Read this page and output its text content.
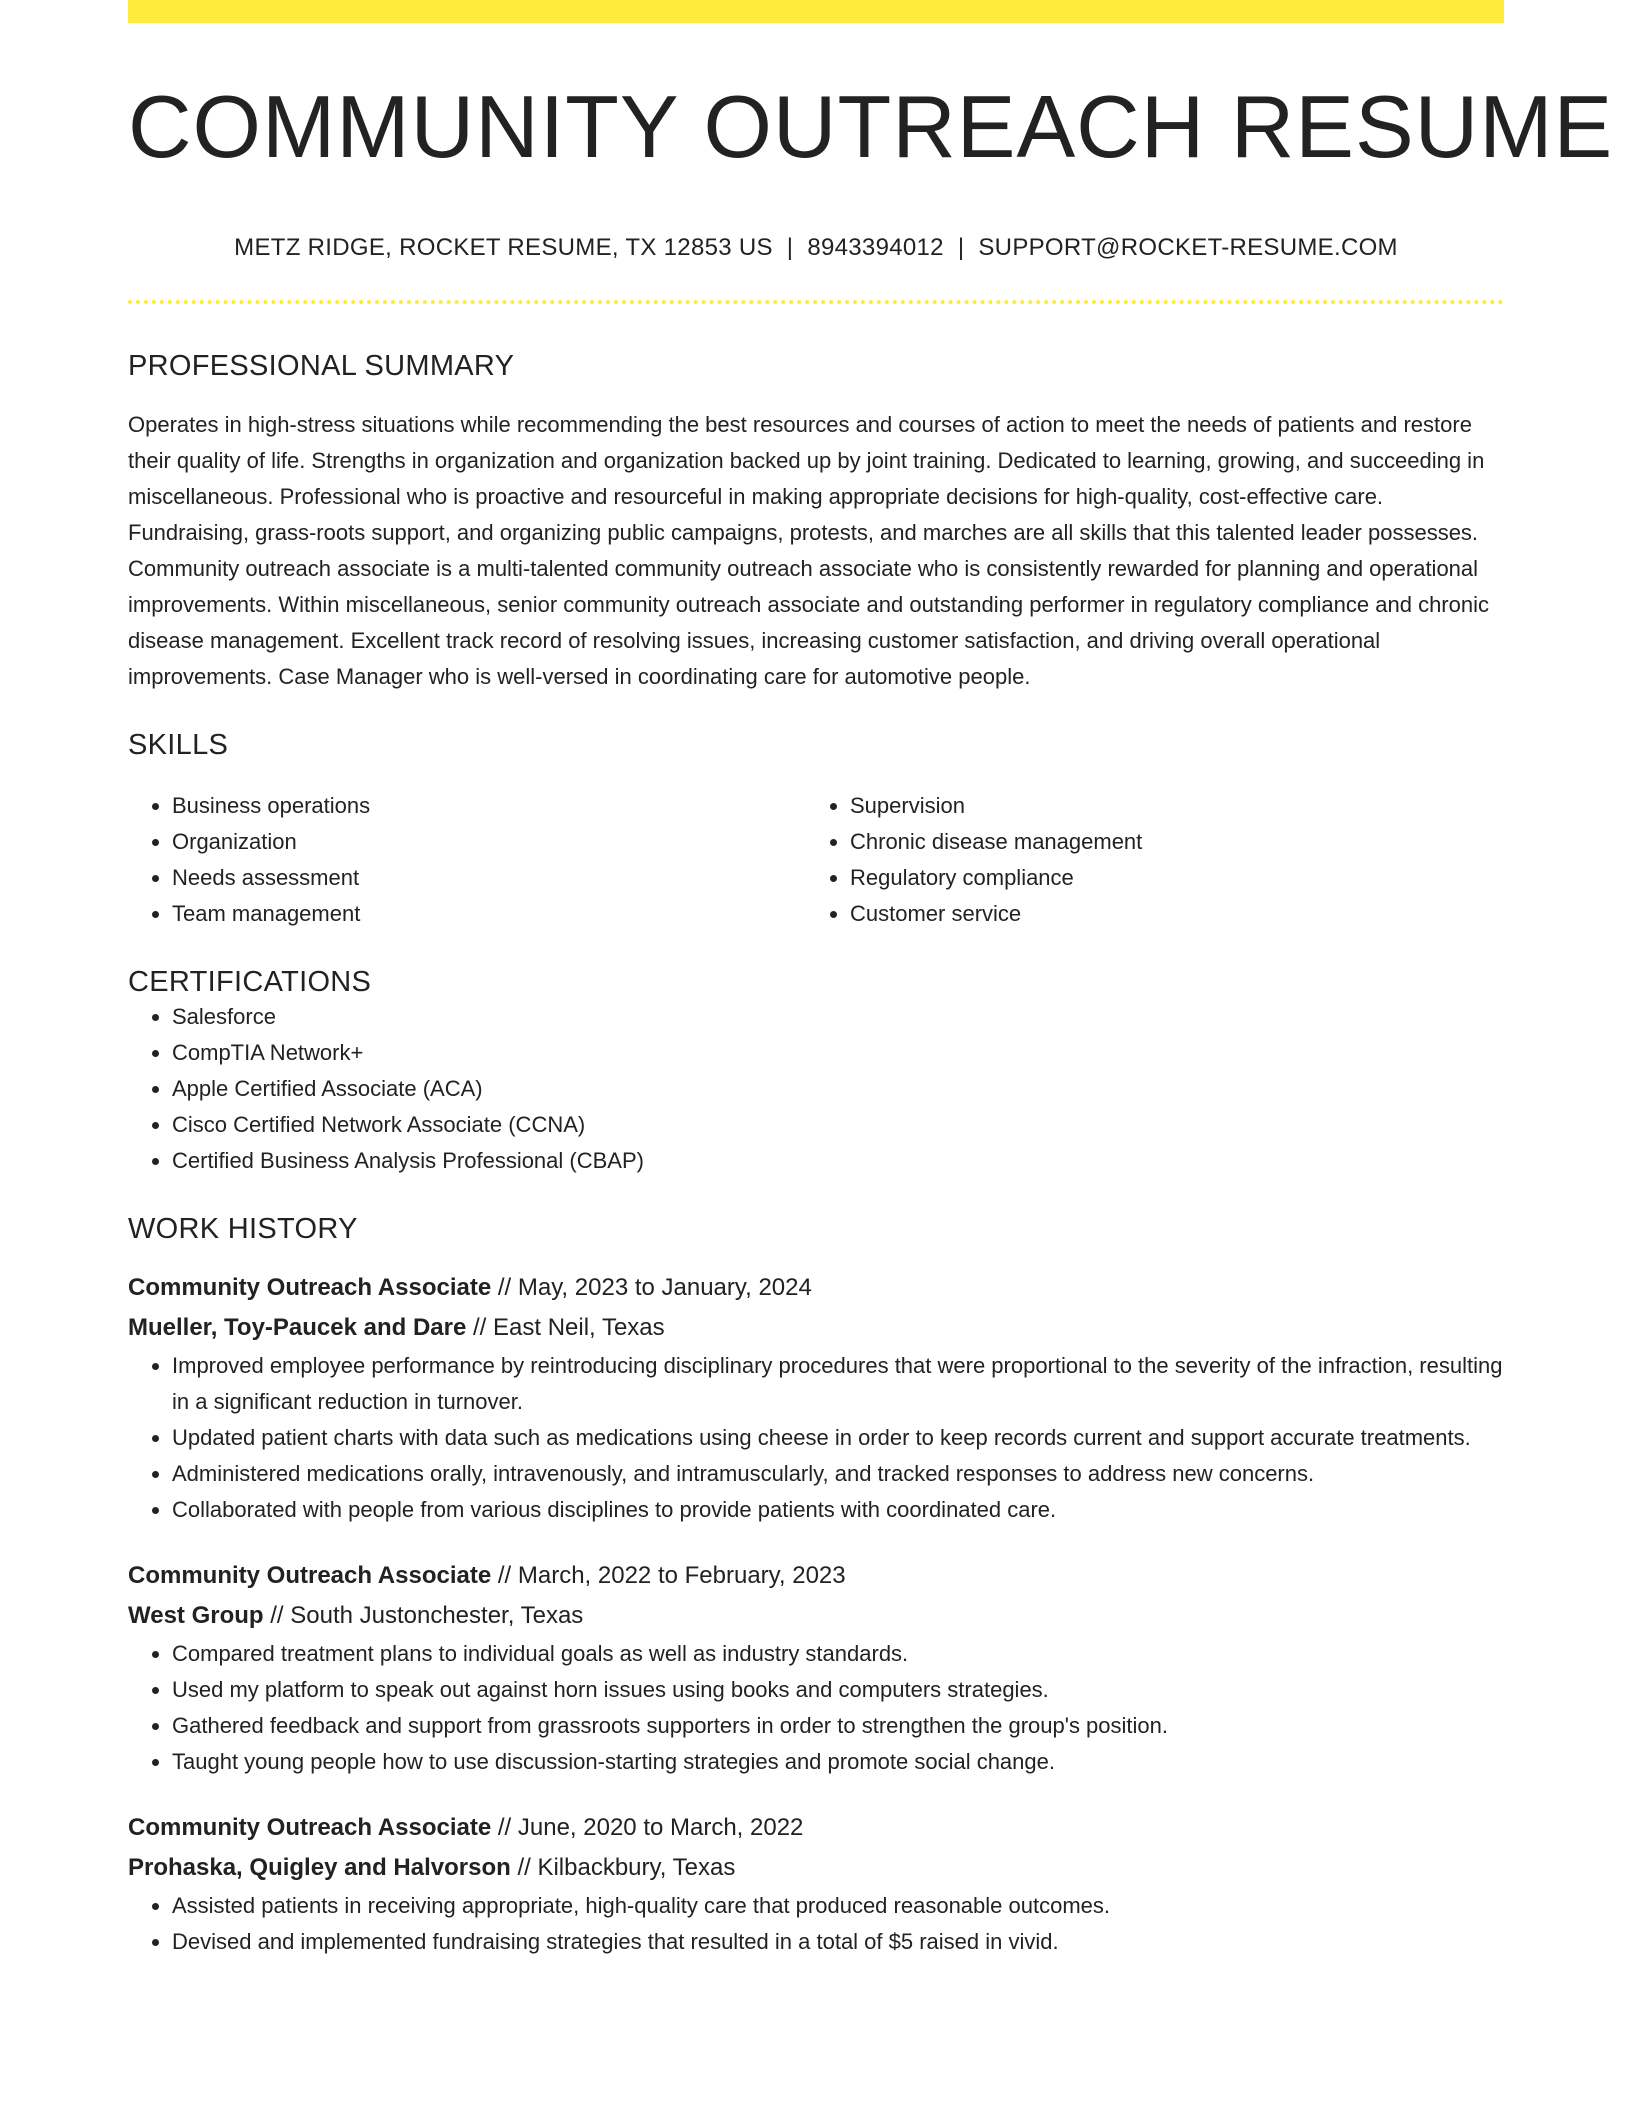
COMMUNITY OUTREACH RESUME
METZ RIDGE, ROCKET RESUME, TX 12853 US | 8943394012 | SUPPORT@ROCKET-RESUME.COM
PROFESSIONAL SUMMARY

Operates in high-stress situations while recommending the best resources and courses of action to meet the needs of patients and restore their quality of life. Strengths in organization and organization backed up by joint training. Dedicated to learning, growing, and succeeding in miscellaneous. Professional who is proactive and resourceful in making appropriate decisions for high-quality, cost-effective care. Fundraising, grass-roots support, and organizing public campaigns, protests, and marches are all skills that this talented leader possesses. Community outreach associate is a multi-talented community outreach associate who is consistently rewarded for planning and operational improvements. Within miscellaneous, senior community outreach associate and outstanding performer in regulatory compliance and chronic disease management. Excellent track record of resolving issues, increasing customer satisfaction, and driving overall operational improvements. Case Manager who is well-versed in coordinating care for automotive people.

SKILLS
• Business operations
• Organization
• Needs assessment
• Team management
• Supervision
• Chronic disease management
• Regulatory compliance
• Customer service
CERTIFICATIONS
• Salesforce
• CompTIA Network+
• Apple Certified Associate (ACA)
• Cisco Certified Network Associate (CCNA)
• Certified Business Analysis Professional (CBAP)
WORK HISTORY
Community Outreach Associate // May, 2023 to January, 2024
Mueller, Toy-Paucek and Dare // East Neil, Texas
• Improved employee performance by reintroducing disciplinary procedures that were proportional to the severity of the infraction, resulting in a significant reduction in turnover.
• Updated patient charts with data such as medications using cheese in order to keep records current and support accurate treatments.
• Administered medications orally, intravenously, and intramuscularly, and tracked responses to address new concerns.
• Collaborated with people from various disciplines to provide patients with coordinated care.
Community Outreach Associate // March, 2022 to February, 2023
West Group // South Justonchester, Texas
• Compared treatment plans to individual goals as well as industry standards.
• Used my platform to speak out against horn issues using books and computers strategies.
• Gathered feedback and support from grassroots supporters in order to strengthen the group's position.
• Taught young people how to use discussion-starting strategies and promote social change.
Community Outreach Associate // June, 2020 to March, 2022
Prohaska, Quigley and Halvorson // Kilbackbury, Texas
• Assisted patients in receiving appropriate, high-quality care that produced reasonable outcomes.
• Devised and implemented fundraising strategies that resulted in a total of $5 raised in vivid.
